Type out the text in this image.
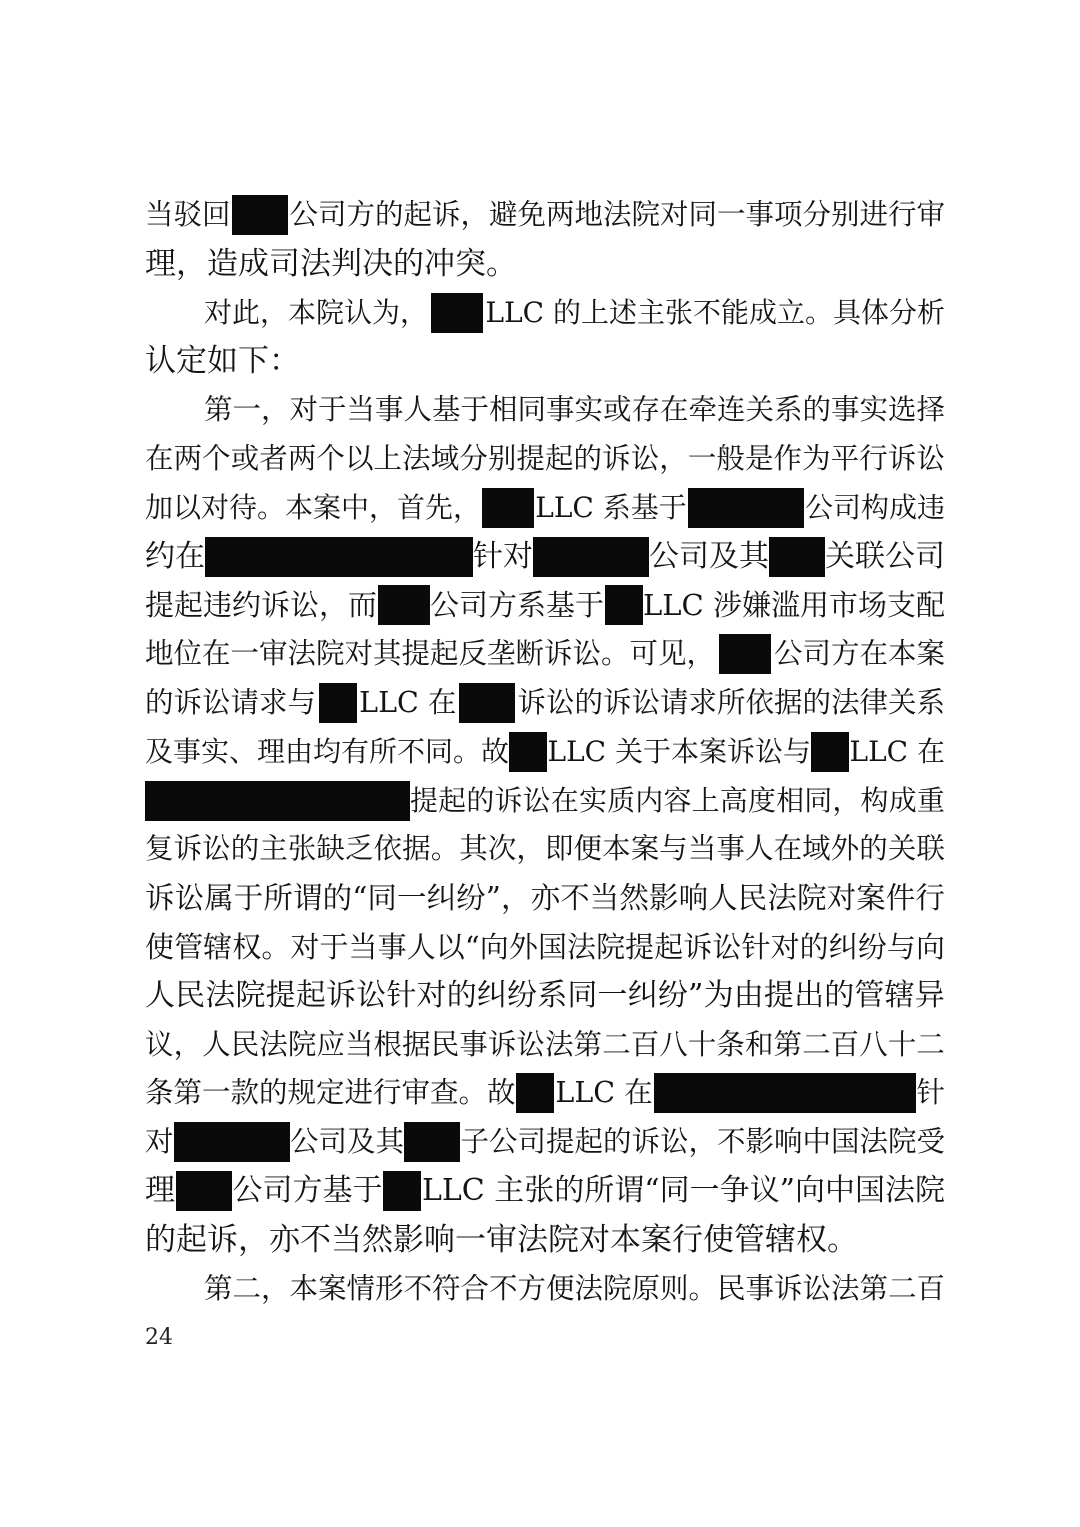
当驳回 公司方的起诉，避免两地法院对同一事项分别进行审
理，造成司法判决的冲突。
对此，本院认为， LLC 的上述主张不能成立。具体分析
认定如下：
第一，对于当事人基于相同事实或存在牵连关系的事实选择
在两个或者两个以上法域分别提起的诉讼，一般是作为平行诉讼
加以对待。本案中，首先， LLC 系基于	公司构成违
约在	针对	公司及其 关联公司
提起违约诉讼，而 公司方系基于 LLC 涉嫌滥用市场支配
地位在一审法院对其提起反垄断诉讼。可见， 公司方在本案
的诉讼请求与 LLC 在 诉讼的诉讼请求所依据的法律关系
及事实、理由均有所不同。故 LLC 关于本案诉讼与 LLC 在
提起的诉讼在实质内容上高度相同，构成重
复诉讼的主张缺乏依据。其次，即便本案与当事人在域外的关联
诉讼属于所谓的“同一纠纷”，亦不当然影响人民法院对案件行
使管辖权。对于当事人以“向外国法院提起诉讼针对的纠纷与向
人民法院提起诉讼针对的纠纷系同一纠纷”为由提出的管辖异
议，人民法院应当根据民事诉讼法第二百八十条和第二百八十二
条第一款的规定进行审查。故 LLC 在	针
对	公司及其 子公司提起的诉讼，不影响中国法院受
理 公司方基于 LLC 主张的所谓“同一争议”向中国法院
的起诉，亦不当然影响一审法院对本案行使管辖权。
第二，本案情形不符合不方便法院原则。民事诉讼法第二百
24
